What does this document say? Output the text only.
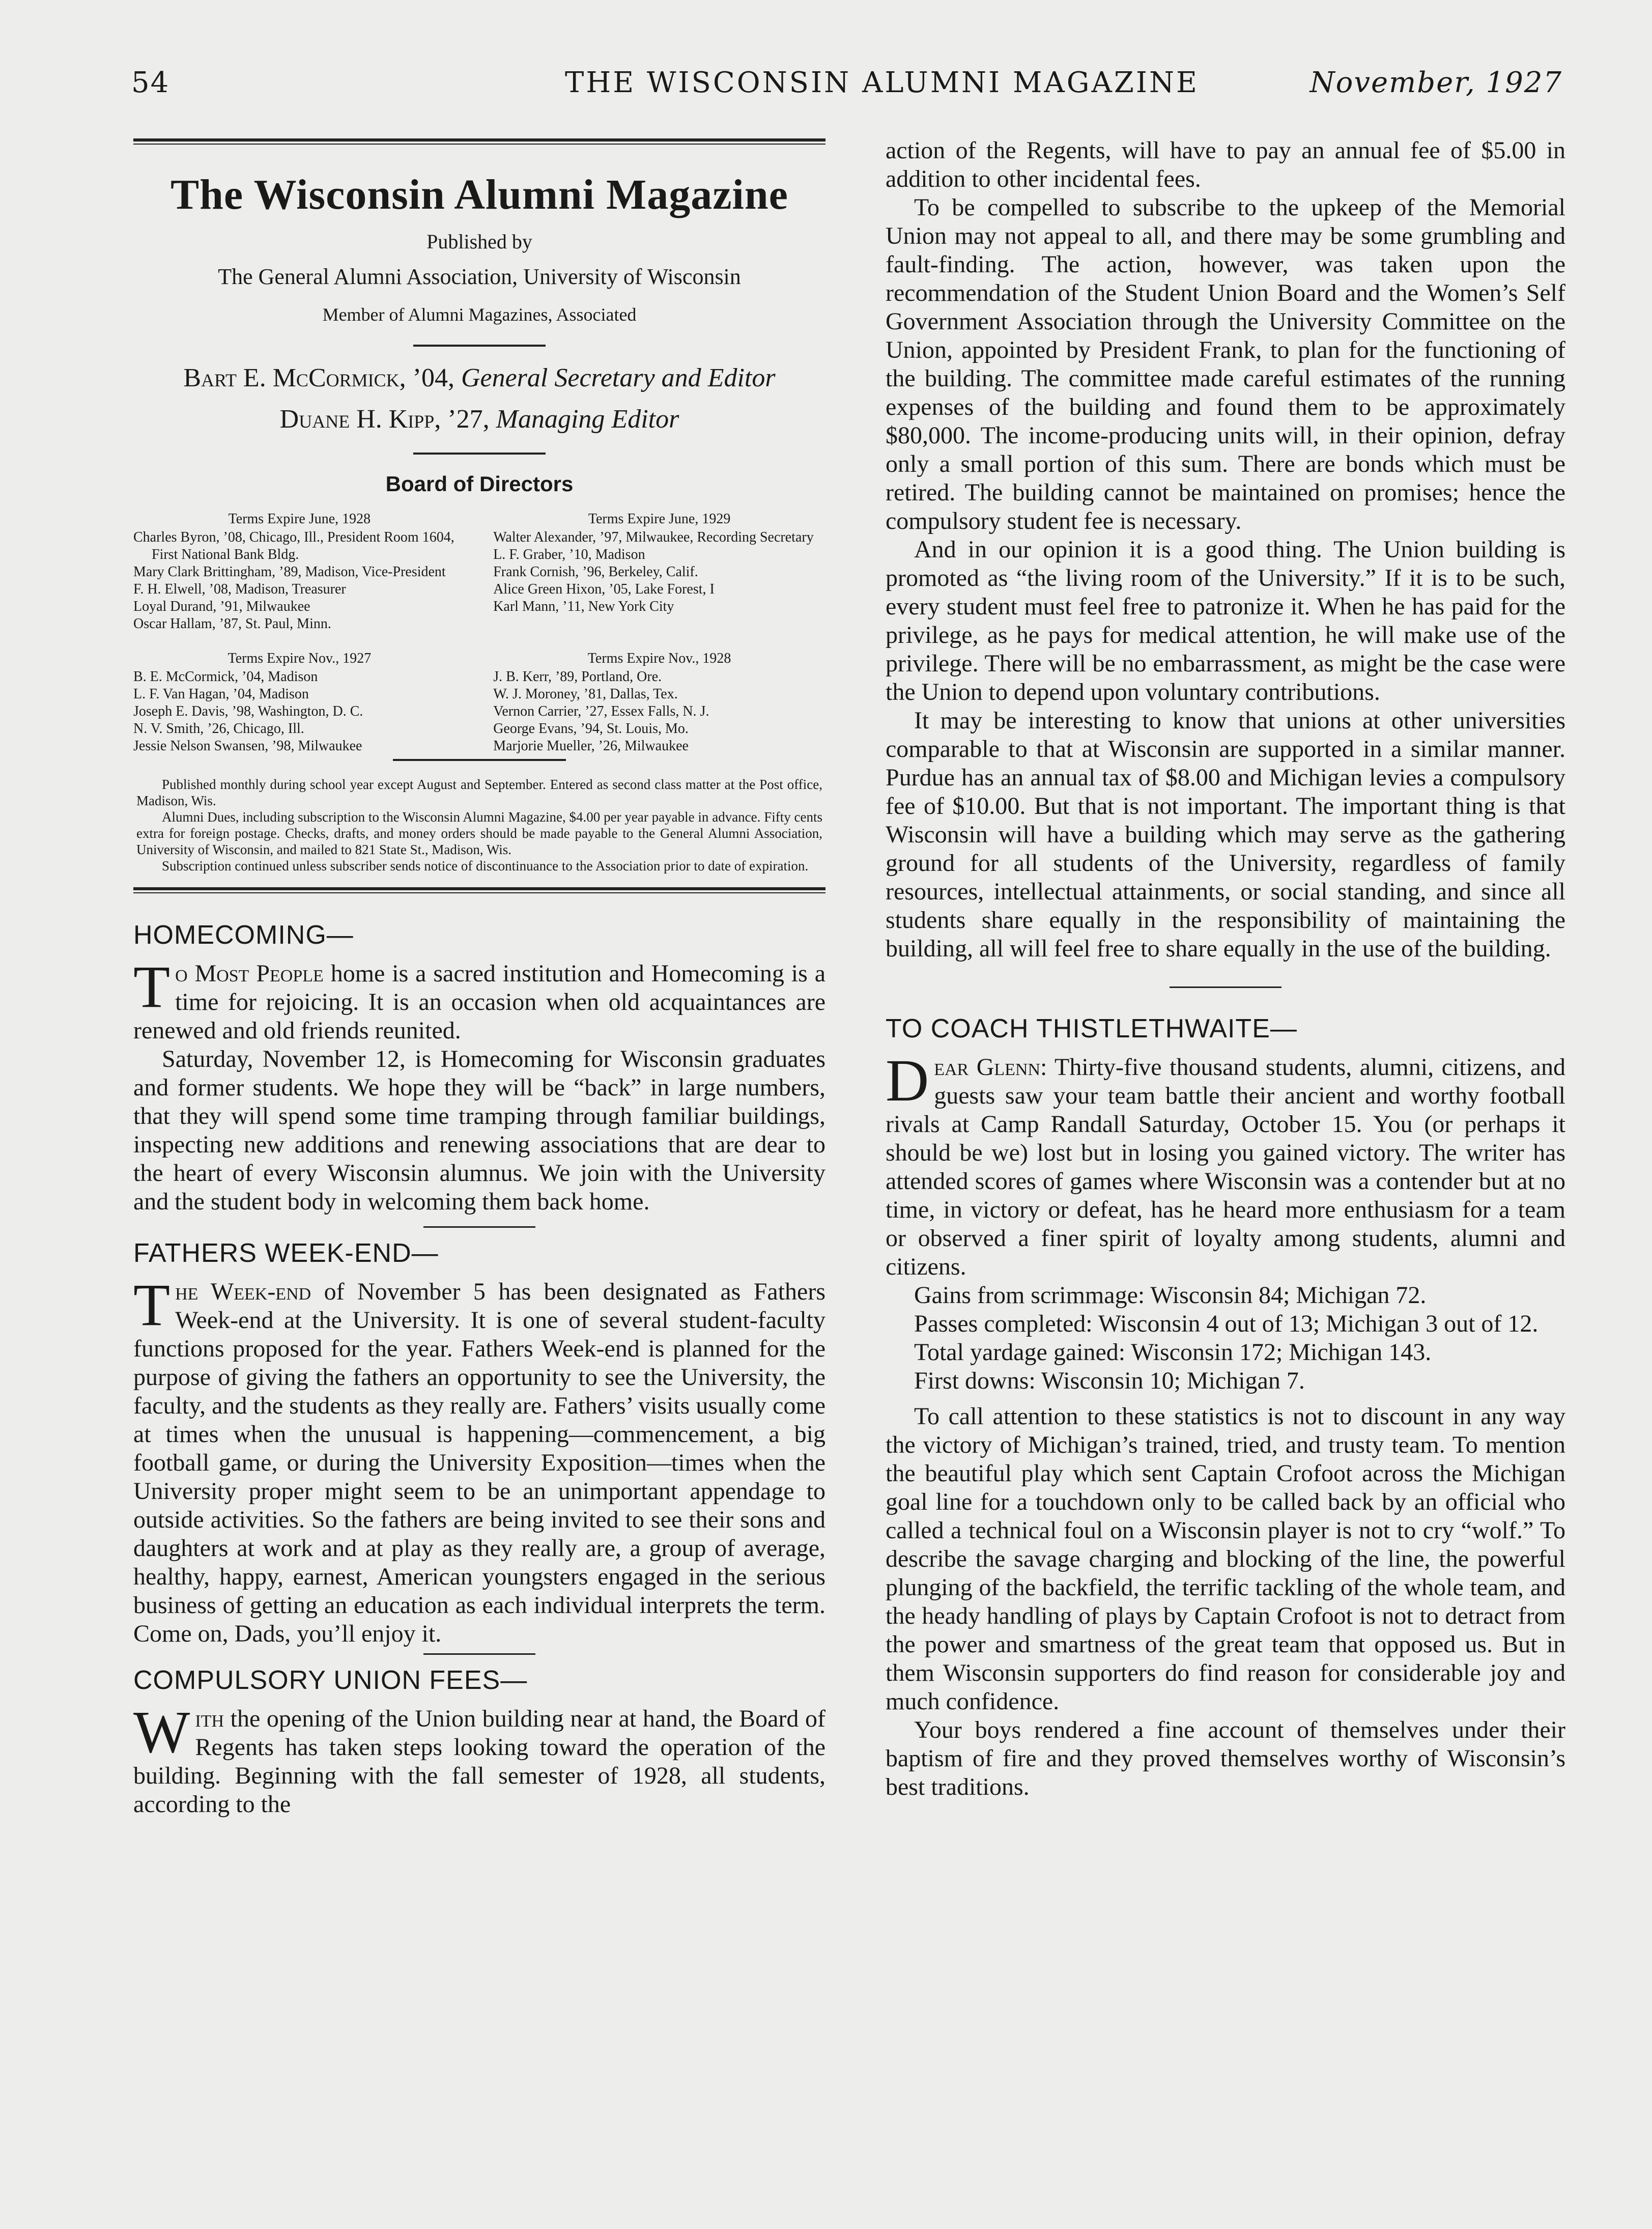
54	THE WISCONSIN ALUMNI MAGAZINE	November, 1927
The Wisconsin Alumni Magazine
Published by
The General Alumni Association, University of Wisconsin
Member of Alumni Magazines, Associated
Bart E. McCormick, ’04, General Secretary and Editor
Duane H. Kipp, ’27, Managing Editor
Board of Directors
Terms Expire June, 1928
Charles Byron, ’08, Chicago, Ill., President Room 1604, First National Bank Bldg.
Mary Clark Brittingham, ’89, Madison, Vice-President
F. H. Elwell, ’08, Madison, Treasurer
Loyal Durand, ’91, Milwaukee
Oscar Hallam, ’87, St. Paul, Minn.
Terms Expire Nov., 1927
B. E. McCormick, ’04, Madison
L. F. Van Hagan, ’04, Madison
Joseph E. Davis, ’98, Washington, D. C.
N. V. Smith, ’26, Chicago, Ill.
Jessie Nelson Swansen, ’98, Milwaukee
Terms Expire June, 1929
Walter Alexander, ’97, Milwaukee, Recording Secretary
L. F. Graber, ’10, Madison
Frank Cornish, ’96, Berkeley, Calif.
Alice Green Hixon, ’05, Lake Forest, I
Karl Mann, ’11, New York City
Terms Expire Nov., 1928
J. B. Kerr, ’89, Portland, Ore.
W. J. Moroney, ’81, Dallas, Tex.
Vernon Carrier, ’27, Essex Falls, N. J.
George Evans, ’94, St. Louis, Mo.
Marjorie Mueller, ’26, Milwaukee

Published monthly during school year except August and September. Entered as second class matter at the Post office, Madison, Wis.

Alumni Dues, including subscription to the Wisconsin Alumni Magazine, $4.00 per year payable in advance. Fifty cents extra for foreign postage. Checks, drafts, and money orders should be made payable to the General Alumni Association, University of Wisconsin, and mailed to 821 State St., Madison, Wis.

Subscription continued unless subscriber sends notice of discontinuance to the Association prior to date of expiration.

HOMECOMING—

To Most People home is a sacred institution and Homecoming is a time for rejoicing. It is an occasion when old acquaintances are renewed and old friends reunited.

Saturday, November 12, is Homecoming for Wisconsin graduates and former students. We hope they will be “back” in large numbers, that they will spend some time tramping through familiar buildings, inspecting new additions and renewing associations that are dear to the heart of every Wisconsin alumnus. We join with the University and the student body in welcoming them back home.

FATHERS WEEK-END—

The Week-end of November 5 has been designated as Fathers Week-end at the University. It is one of several student-faculty functions proposed for the year. Fathers Week-end is planned for the purpose of giving the fathers an opportunity to see the University, the faculty, and the students as they really are. Fathers’ visits usually come at times when the unusual is happening—commencement, a big football game, or during the University Exposition—times when the University proper might seem to be an unimportant appendage to outside activities. So the fathers are being invited to see their sons and daughters at work and at play as they really are, a group of average, healthy, happy, earnest, American youngsters engaged in the serious business of getting an education as each individual interprets the term. Come on, Dads, you’ll enjoy it.

COMPULSORY UNION FEES—

With the opening of the Union building near at hand, the Board of Regents has taken steps looking toward the operation of the building. Beginning with the fall semester of 1928, all students, according to the

action of the Regents, will have to pay an annual fee of $5.00 in addition to other incidental fees.

To be compelled to subscribe to the upkeep of the Memorial Union may not appeal to all, and there may be some grumbling and fault-finding. The action, however, was taken upon the recommendation of the Student Union Board and the Women’s Self Government Association through the University Committee on the Union, appointed by President Frank, to plan for the functioning of the building. The committee made careful estimates of the running expenses of the building and found them to be approximately $80,000. The income-producing units will, in their opinion, defray only a small portion of this sum. There are bonds which must be retired. The building cannot be maintained on promises; hence the compulsory student fee is necessary.

And in our opinion it is a good thing. The Union building is promoted as “the living room of the University.” If it is to be such, every student must feel free to patronize it. When he has paid for the privilege, as he pays for medical attention, he will make use of the privilege. There will be no embarrassment, as might be the case were the Union to depend upon voluntary contributions.

It may be interesting to know that unions at other universities comparable to that at Wisconsin are supported in a similar manner. Purdue has an annual tax of $8.00 and Michigan levies a compulsory fee of $10.00. But that is not important. The important thing is that Wisconsin will have a building which may serve as the gathering ground for all students of the University, regardless of family resources, intellectual attainments, or social standing, and since all students share equally in the responsibility of maintaining the building, all will feel free to share equally in the use of the building.

TO COACH THISTLETHWAITE—

Dear Glenn: Thirty-five thousand students, alumni, citizens, and guests saw your team battle their ancient and worthy football rivals at Camp Randall Saturday, October 15. You (or perhaps it should be we) lost but in losing you gained victory. The writer has attended scores of games where Wisconsin was a contender but at no time, in victory or defeat, has he heard more enthusiasm for a team or observed a finer spirit of loyalty among students, alumni and citizens.

Gains from scrimmage: Wisconsin 84; Michigan 72.

Passes completed: Wisconsin 4 out of 13; Michigan 3 out of 12.

Total yardage gained: Wisconsin 172; Michigan 143.

First downs: Wisconsin 10; Michigan 7.

To call attention to these statistics is not to discount in any way the victory of Michigan’s trained, tried, and trusty team. To mention the beautiful play which sent Captain Crofoot across the Michigan goal line for a touchdown only to be called back by an official who called a technical foul on a Wisconsin player is not to cry “wolf.” To describe the savage charging and blocking of the line, the powerful plunging of the backfield, the terrific tackling of the whole team, and the heady handling of plays by Captain Crofoot is not to detract from the power and smartness of the great team that opposed us. But in them Wisconsin supporters do find reason for considerable joy and much confidence.

Your boys rendered a fine account of themselves under their baptism of fire and they proved themselves worthy of Wisconsin’s best traditions.
